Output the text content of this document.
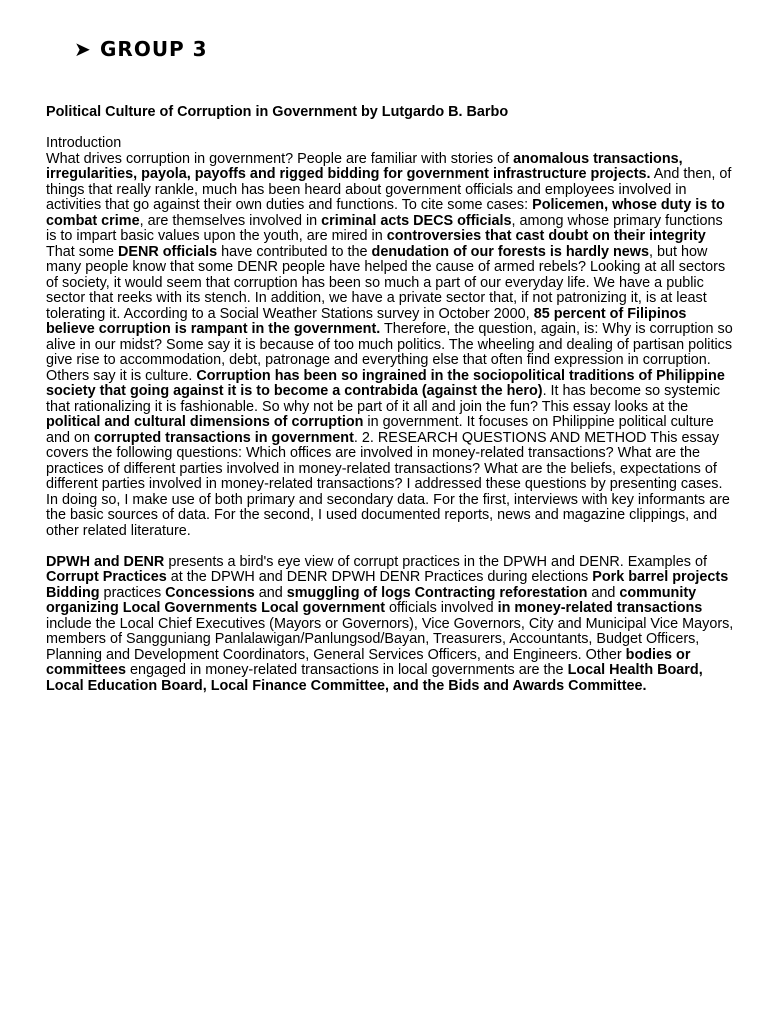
➤ GROUP 3
Political Culture of Corruption in Government by Lutgardo B. Barbo

Introduction

What drives corruption in government? People are familiar with stories of anomalous transactions, irregularities, payola, payoffs and rigged bidding for government infrastructure projects. And then, of things that really rankle, much has been heard about government officials and employees involved in activities that go against their own duties and functions. To cite some cases: Policemen, whose duty is to combat crime, are themselves involved in criminal acts DECS officials, among whose primary functions is to impart basic values upon the youth, are mired in controversies that cast doubt on their integrity That some DENR officials have contributed to the denudation of our forests is hardly news, but how many people know that some DENR people have helped the cause of armed rebels? Looking at all sectors of society, it would seem that corruption has been so much a part of our everyday life. We have a public sector that reeks with its stench. In addition, we have a private sector that, if not patronizing it, is at least tolerating it. According to a Social Weather Stations survey in October 2000, 85 percent of Filipinos believe corruption is rampant in the government. Therefore, the question, again, is: Why is corruption so alive in our midst? Some say it is because of too much politics. The wheeling and dealing of partisan politics give rise to accommodation, debt, patronage and everything else that often find expression in corruption. Others say it is culture. Corruption has been so ingrained in the sociopolitical traditions of Philippine society that going against it is to become a contrabida (against the hero). It has become so systemic that rationalizing it is fashionable. So why not be part of it all and join the fun? This essay looks at the political and cultural dimensions of corruption in government. It focuses on Philippine political culture and on corrupted transactions in government. 2. RESEARCH QUESTIONS AND METHOD This essay covers the following questions: Which offices are involved in money-related transactions? What are the practices of different parties involved in money-related transactions? What are the beliefs, expectations of different parties involved in money-related transactions? I addressed these questions by presenting cases. In doing so, I make use of both primary and secondary data. For the first, interviews with key informants are the basic sources of data. For the second, I used documented reports, news and magazine clippings, and other related literature.

DPWH and DENR presents a bird's eye view of corrupt practices in the DPWH and DENR. Examples of Corrupt Practices at the DPWH and DENR DPWH DENR Practices during elections Pork barrel projects Bidding practices Concessions and smuggling of logs Contracting reforestation and community organizing Local Governments Local government officials involved in money-related transactions include the Local Chief Executives (Mayors or Governors), Vice Governors, City and Municipal Vice Mayors, members of Sangguniang Panlalawigan/Panlungsod/Bayan, Treasurers, Accountants, Budget Officers, Planning and Development Coordinators, General Services Officers, and Engineers. Other bodies or committees engaged in money-related transactions in local governments are the Local Health Board, Local Education Board, Local Finance Committee, and the Bids and Awards Committee.
